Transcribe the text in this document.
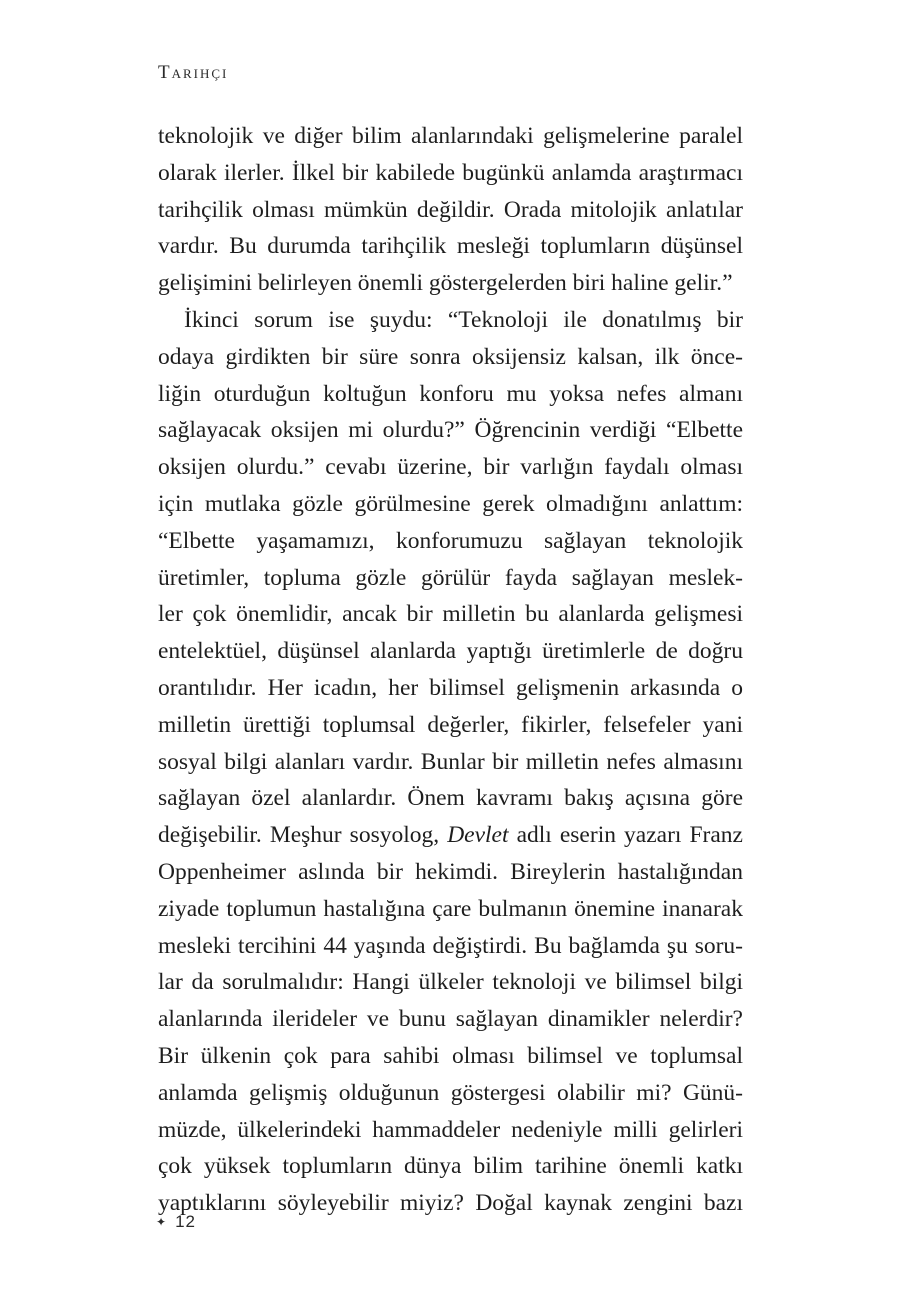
Tarihçi
teknolojik ve diğer bilim alanlarındaki gelişmelerine paralel
olarak ilerler. İlkel bir kabilede bugünkü anlamda araştırmacı
tarihçilik olması mümkün değildir. Orada mitolojik anlatılar
vardır. Bu durumda tarihçilik mesleği toplumların düşünsel
gelişimini belirleyen önemli göstergelerden biri haline gelir.”
İkinci sorum ise şuydu: “Teknoloji ile donatılmış bir
odaya girdikten bir süre sonra oksijensiz kalsan, ilk önce-
liğin oturduğun koltuğun konforu mu yoksa nefes almanı
sağlayacak oksijen mi olurdu?” Öğrencinin verdiği “Elbette
oksijen olurdu.” cevabı üzerine, bir varlığın faydalı olması
için mutlaka gözle görülmesine gerek olmadığını anlattım:
“Elbette yaşamamızı, konforumuzu sağlayan teknolojik
üretimler, topluma gözle görülür fayda sağlayan meslek-
ler çok önemlidir, ancak bir milletin bu alanlarda gelişmesi
entelektüel, düşünsel alanlarda yaptığı üretimlerle de doğru
orantılıdır. Her icadın, her bilimsel gelişmenin arkasında o
milletin ürettiği toplumsal değerler, fikirler, felsefeler yani
sosyal bilgi alanları vardır. Bunlar bir milletin nefes almasını
sağlayan özel alanlardır. Önem kavramı bakış açısına göre
değişebilir. Meşhur sosyolog, Devlet adlı eserin yazarı Franz
Oppenheimer aslında bir hekimdi. Bireylerin hastalığından
ziyade toplumun hastalığına çare bulmanın önemine inanarak
mesleki tercihini 44 yaşında değiştirdi. Bu bağlamda şu soru-
lar da sorulmalıdır: Hangi ülkeler teknoloji ve bilimsel bilgi
alanlarında ilerideler ve bunu sağlayan dinamikler nelerdir?
Bir ülkenin çok para sahibi olması bilimsel ve toplumsal
anlamda gelişmiş olduğunun göstergesi olabilir mi? Günü-
müzde, ülkelerindeki hammaddeler nedeniyle milli gelirleri
çok yüksek toplumların dünya bilim tarihine önemli katkı
yaptıklarını söyleyebilir miyiz? Doğal kaynak zengini bazı
✦ 12
